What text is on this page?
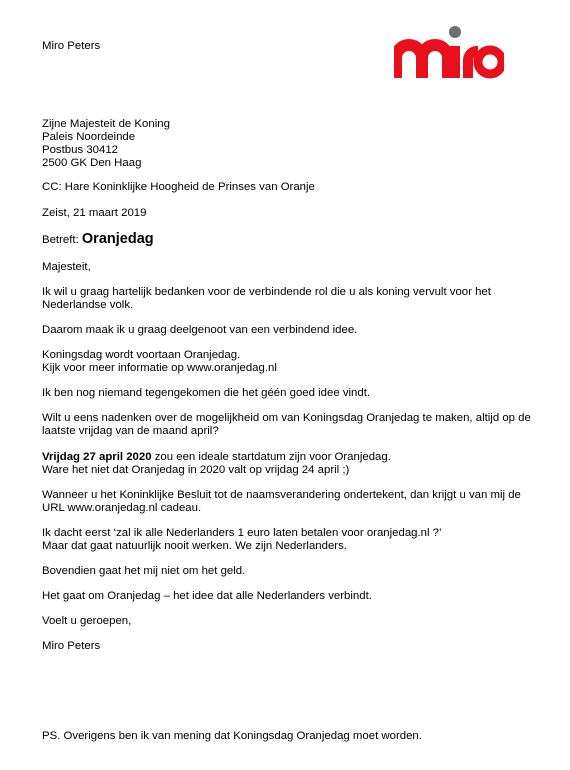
Miro Peters
Zijne Majesteit de Koning
Paleis Noordeinde
Postbus 30412
2500 GK Den Haag
CC: Hare Koninklijke Hoogheid de Prinses van Oranje
Zeist, 21 maart 2019
Betreft: Oranjedag
Majesteit,
Ik wil u graag hartelijk bedanken voor de verbindende rol die u als koning vervult voor het
Nederlandse volk.
Daarom maak ik u graag deelgenoot van een verbindend idee.
Koningsdag wordt voortaan Oranjedag.
Kijk voor meer informatie op www.oranjedag.nl
Ik ben nog niemand tegengekomen die het géén goed idee vindt.
Wilt u eens nadenken over de mogelijkheid om van Koningsdag Oranjedag te maken, altijd op de
laatste vrijdag van de maand april?
Vrijdag 27 april 2020 zou een ideale startdatum zijn voor Oranjedag.
Ware het niet dat Oranjedag in 2020 valt op vrijdag 24 april ;)
Wanneer u het Koninklijke Besluit tot de naamsverandering ondertekent, dan krijgt u van mij de
URL www.oranjedag.nl cadeau.
Ik dacht eerst ‘zal ik alle Nederlanders 1 euro laten betalen voor oranjedag.nl ?’
Maar dat gaat natuurlijk nooit werken. We zijn Nederlanders.
Bovendien gaat het mij niet om het geld.
Het gaat om Oranjedag – het idee dat alle Nederlanders verbindt.
Voelt u geroepen,
Miro Peters
PS. Overigens ben ik van mening dat Koningsdag Oranjedag moet worden.
